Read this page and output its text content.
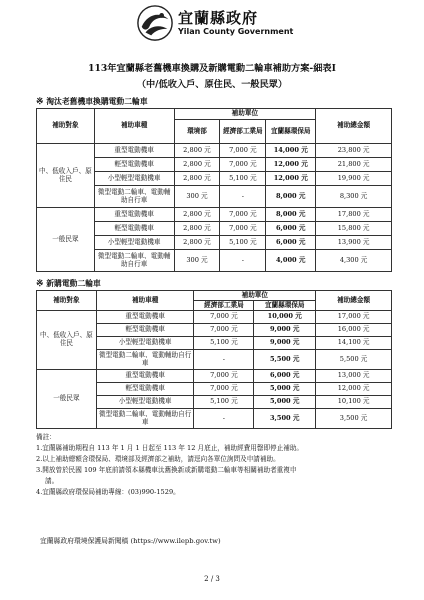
宜蘭縣政府
Yilan County Government
113年宜蘭縣老舊機車換購及新購電動二輪車補助方案-細表Ⅰ
（中/低收入戶、原住民、一般民眾）
※ 淘汰老舊機車換購電動二輪車
補助對象	補助車種	補助單位			補助總金額
		環境部	經濟部工業局	宜蘭縣環保局	
中、低收入戶、原住民	重型電動機車	2,800 元	7,000 元	14,000 元	23,800 元
	輕型電動機車	2,800 元	7,000 元	12,000 元	21,800 元
	小型輕型電動機車	2,800 元	5,100 元	12,000 元	19,900 元
	微型電動二輪車、電動輔助自行車	300 元	-	8,000 元	8,300 元
一般民眾	重型電動機車	2,800 元	7,000 元	8,000 元	17,800 元
	輕型電動機車	2,800 元	7,000 元	6,000 元	15,800 元
	小型輕型電動機車	2,800 元	5,100 元	6,000 元	13,900 元
	微型電動二輪車、電動輔助自行車	300 元	-	4,000 元	4,300 元
※ 新購電動二輪車
補助對象	補助車種	補助單位		補助總金額
		經濟部工業局	宜蘭縣環保局	
中、低收入戶、原住民	重型電動機車	7,000 元	10,000 元	17,000 元
	輕型電動機車	7,000 元	9,000 元	16,000 元
	小型輕型電動機車	5,100 元	9,000 元	14,100 元
	微型電動二輪車、電動輔助自行車	-	5,500 元	5,500 元
一般民眾	重型電動機車	7,000 元	6,000 元	13,000 元
	輕型電動機車	7,000 元	5,000 元	12,000 元
	小型輕型電動機車	5,100 元	5,000 元	10,100 元
	微型電動二輪車、電動輔助自行車	-	3,500 元	3,500 元
備註：
1.宜蘭縣補助期程自 113 年 1 月 1 日起至 113 年 12 月底止，補助經費用罄即停止補助。
2.以上補助總額含環保局、環境部及經濟部之補助，請逕向各單位詢問及申請補助。
3.開放曾於民國 109 年底前請領本縣機車汰舊換新或新購電動二輪車等相關補助者重複申
請。
4.宜蘭縣政府環保局補助專線：(03)990-1529。
宜蘭縣政府環境保護局新聞稿 (https://www.ilepb.gov.tw)
2 / 3
